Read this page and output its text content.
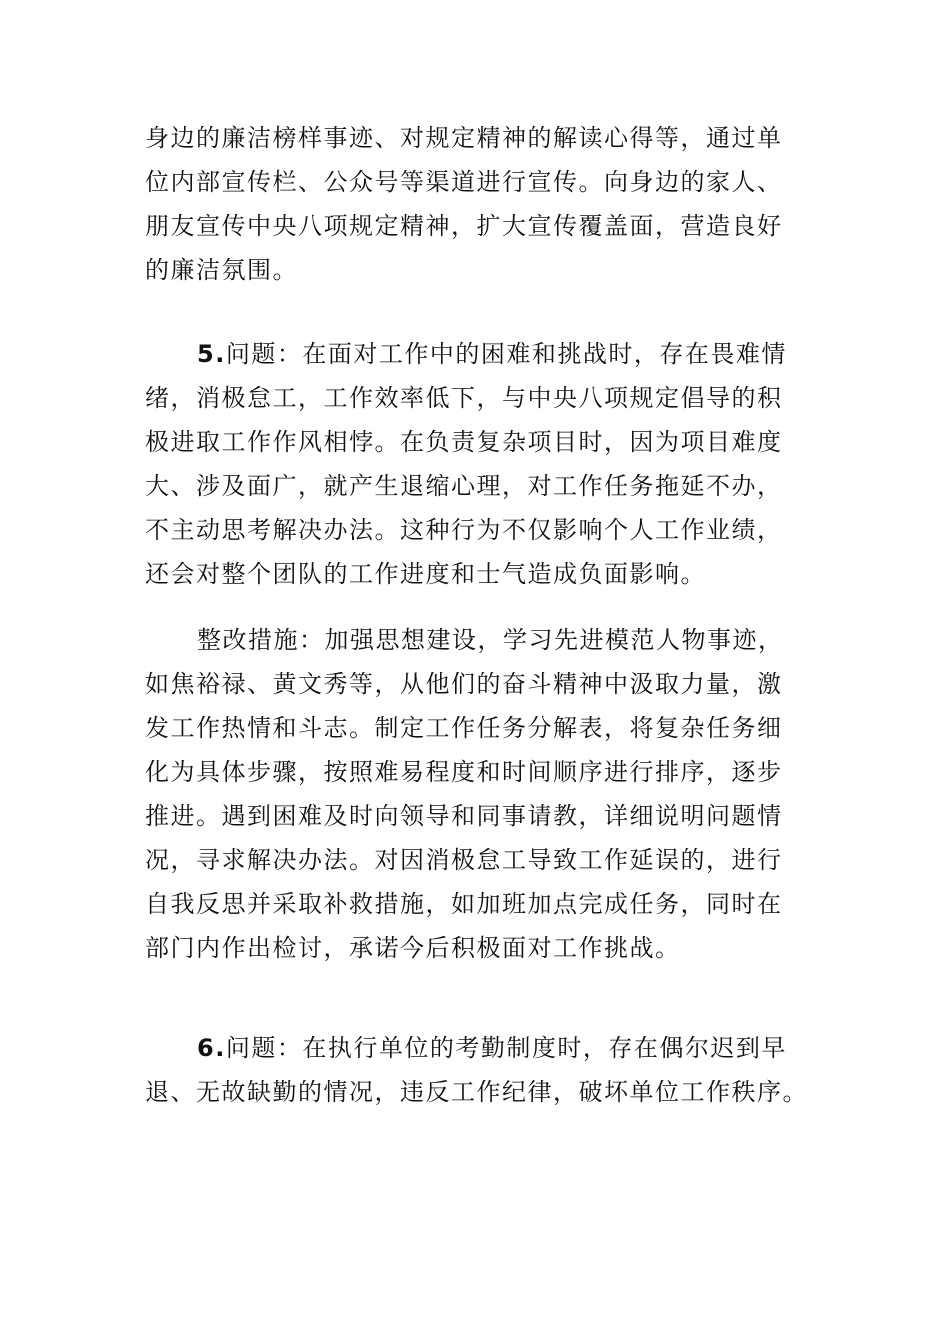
身边的廉洁榜样事迹、对规定精神的解读心得等，通过单
位内部宣传栏、公众号等渠道进行宣传。向身边的家人、
朋友宣传中央八项规定精神，扩大宣传覆盖面，营造良好
的廉洁氛围。
5.问题：在面对工作中的困难和挑战时，存在畏难情
绪，消极怠工，工作效率低下，与中央八项规定倡导的积
极进取工作作风相悖。在负责复杂项目时，因为项目难度
大、涉及面广，就产生退缩心理，对工作任务拖延不办，
不主动思考解决办法。这种行为不仅影响个人工作业绩，
还会对整个团队的工作进度和士气造成负面影响。
整改措施：加强思想建设，学习先进模范人物事迹，
如焦裕禄、黄文秀等，从他们的奋斗精神中汲取力量，激
发工作热情和斗志。制定工作任务分解表，将复杂任务细
化为具体步骤，按照难易程度和时间顺序进行排序，逐步
推进。遇到困难及时向领导和同事请教，详细说明问题情
况，寻求解决办法。对因消极怠工导致工作延误的，进行
自我反思并采取补救措施，如加班加点完成任务，同时在
部门内作出检讨，承诺今后积极面对工作挑战。
6.问题：在执行单位的考勤制度时，存在偶尔迟到早
退、无故缺勤的情况，违反工作纪律，破坏单位工作秩序。
